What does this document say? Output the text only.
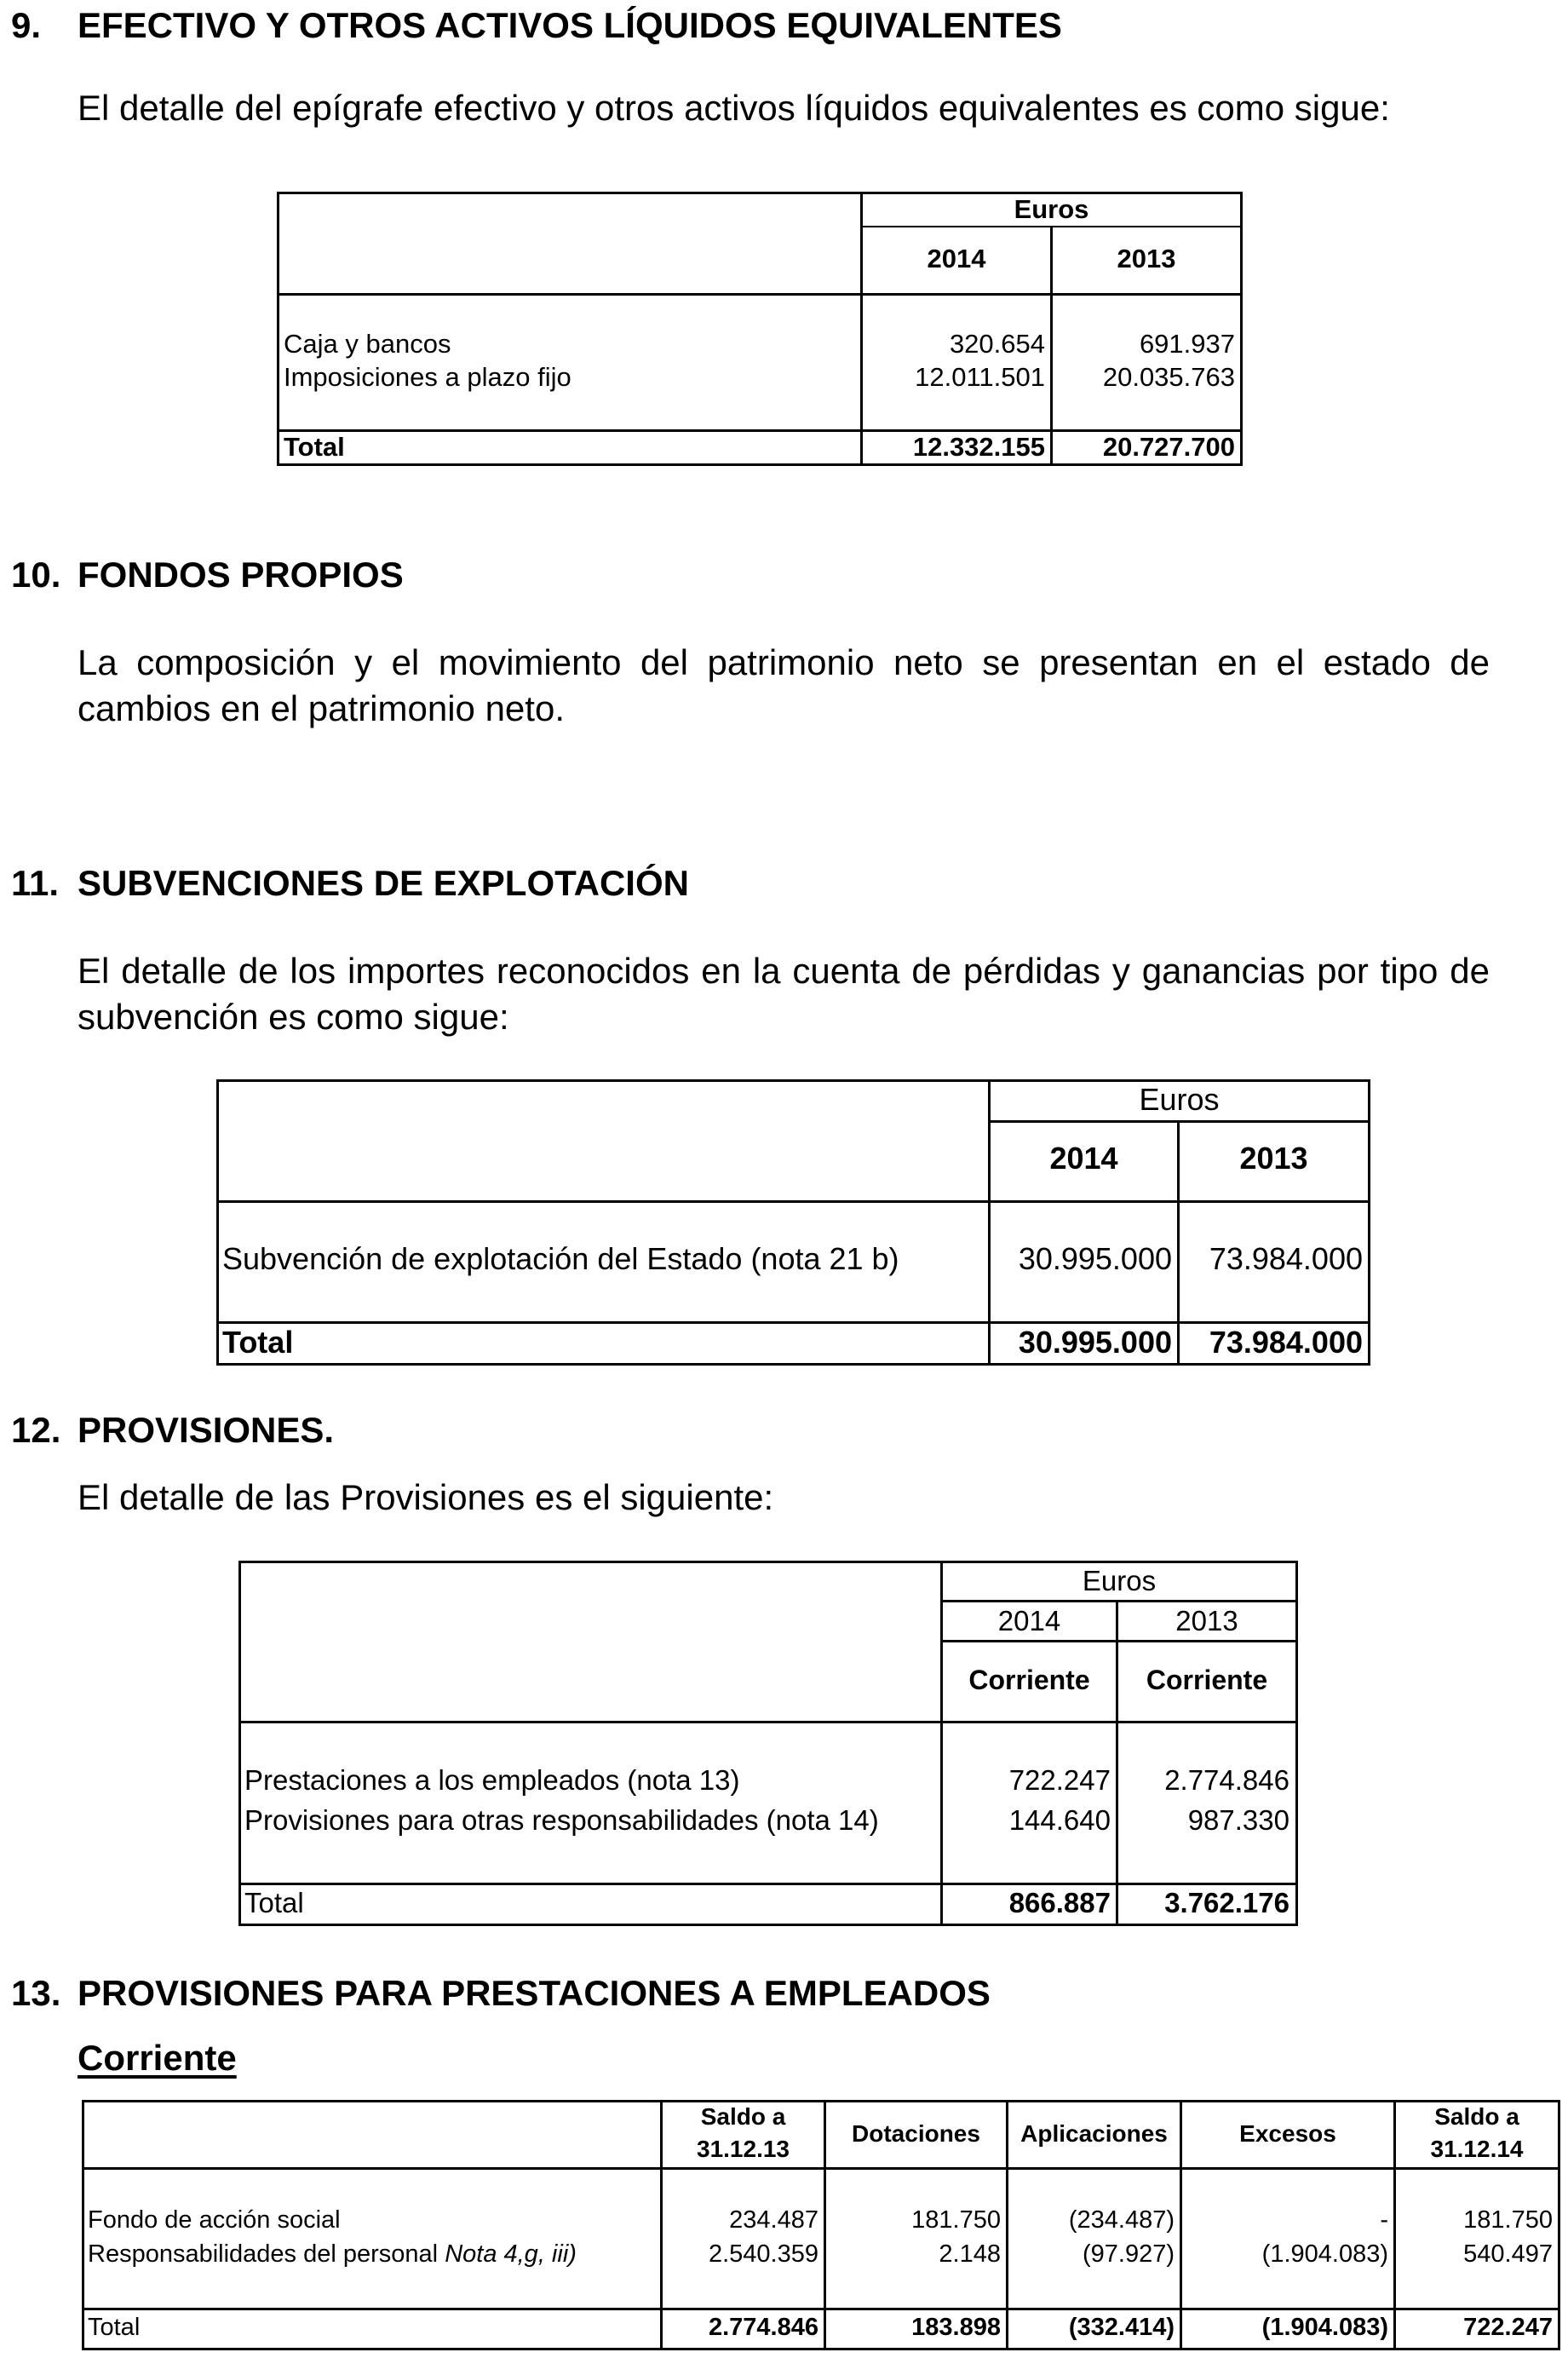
9. EFECTIVO Y OTROS ACTIVOS LÍQUIDOS EQUIVALENTES
El detalle del epígrafe efectivo y otros activos líquidos equivalentes es como sigue:
Euros
2014	2013
Caja y bancos	320.654	691.937
Imposiciones a plazo fijo	12.011.501	20.035.763
Total	12.332.155	20.727.700
10. FONDOS PROPIOS
La composición y el movimiento del patrimonio neto se presentan en el estado de cambios en el patrimonio neto.
11. SUBVENCIONES DE EXPLOTACIÓN
El detalle de los importes reconocidos en la cuenta de pérdidas y ganancias por tipo de subvención es como sigue:
Euros
2014	2013
Subvención de explotación del Estado (nota 21 b)	30.995.000	73.984.000
Total	30.995.000	73.984.000
12. PROVISIONES.
El detalle de las Provisiones es el siguiente:
Euros
2014	2013
Corriente	Corriente
Prestaciones a los empleados (nota 13)	722.247	2.774.846
Provisiones para otras responsabilidades (nota 14)	144.640	987.330
Total	866.887	3.762.176
13. PROVISIONES PARA PRESTACIONES A EMPLEADOS
Corriente
Saldo a
31.12.13
Dotaciones	Aplicaciones	Excesos
Saldo a
31.12.14
Fondo de acción social	234.487	181.750	(234.487)	-	181.750
Responsabilidades del personal Nota 4,g, iii)	2.540.359	2.148	(97.927)	(1.904.083)	540.497
Total	2.774.846	183.898	(332.414)	(1.904.083)	722.247
